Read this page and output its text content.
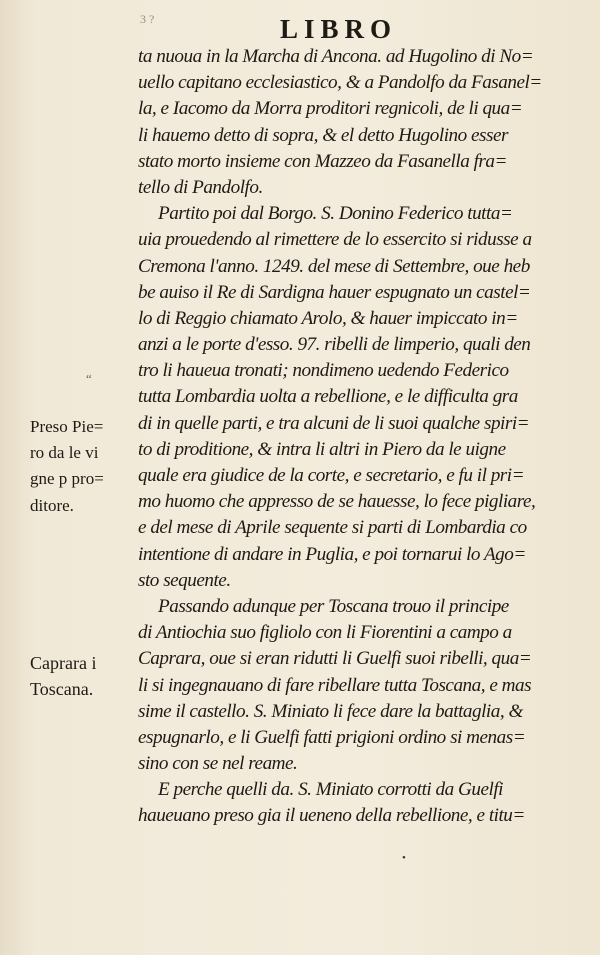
3 ?	LIBRO
ta nuoua in la Marcha di Ancona. ad Hugolino di No=
uello capitano ecclesiastico, & a Pandolfo da Fasanel=
la, e Iacomo da Morra proditori regnicoli, de li qua=
li hauemo detto di sopra, & el detto Hugolino esser
stato morto insieme con Mazzeo da Fasanella fra=
tello di Pandolfo.
Partito poi dal Borgo. S. Donino Federico tutta=
uia prouedendo al rimettere de lo essercito si ridusse a
Cremona l'anno. 1249. del mese di Settembre, oue heb
be auiso il Re di Sardigna hauer espugnato un castel=
lo di Reggio chiamato Arolo, & hauer impiccato in=
anzi a le porte d'esso. 97. ribelli de limperio, quali den
tro li haueua tronati; nondimeno uedendo Federico
tutta Lombardia uolta a rebellione, e le difficulta gra
di in quelle parti, e tra alcuni de li suoi qualche spiri=
to di proditione, & intra li altri in Piero da le uigne
quale era giudice de la corte, e secretario, e fu il pri=
mo huomo che appresso de se hauesse, lo fece pigliare,
e del mese di Aprile sequente si parti di Lombardia co
intentione di andare in Puglia, e poi tornarui lo Ago=
sto sequente.
Passando adunque per Toscana trouo il principe
di Antiochia suo figliolo con li Fiorentini a campo a
Caprara, oue si eran ridutti li Guelfi suoi ribelli, qua=
li si ingegnauano di fare ribellare tutta Toscana, e mas
sime il castello. S. Miniato li fece dare la battaglia, &
espugnarlo, e li Guelfi fatti prigioni ordino si menas=
sino con se nel reame.
E perche quelli da. S. Miniato corrotti da Guelfi
haueuano preso gia il ueneno della rebellione, e titu=
Preso Pie=
ro da le vi
gne p pro=
ditore.
Caprara i
Toscana.
“
•
